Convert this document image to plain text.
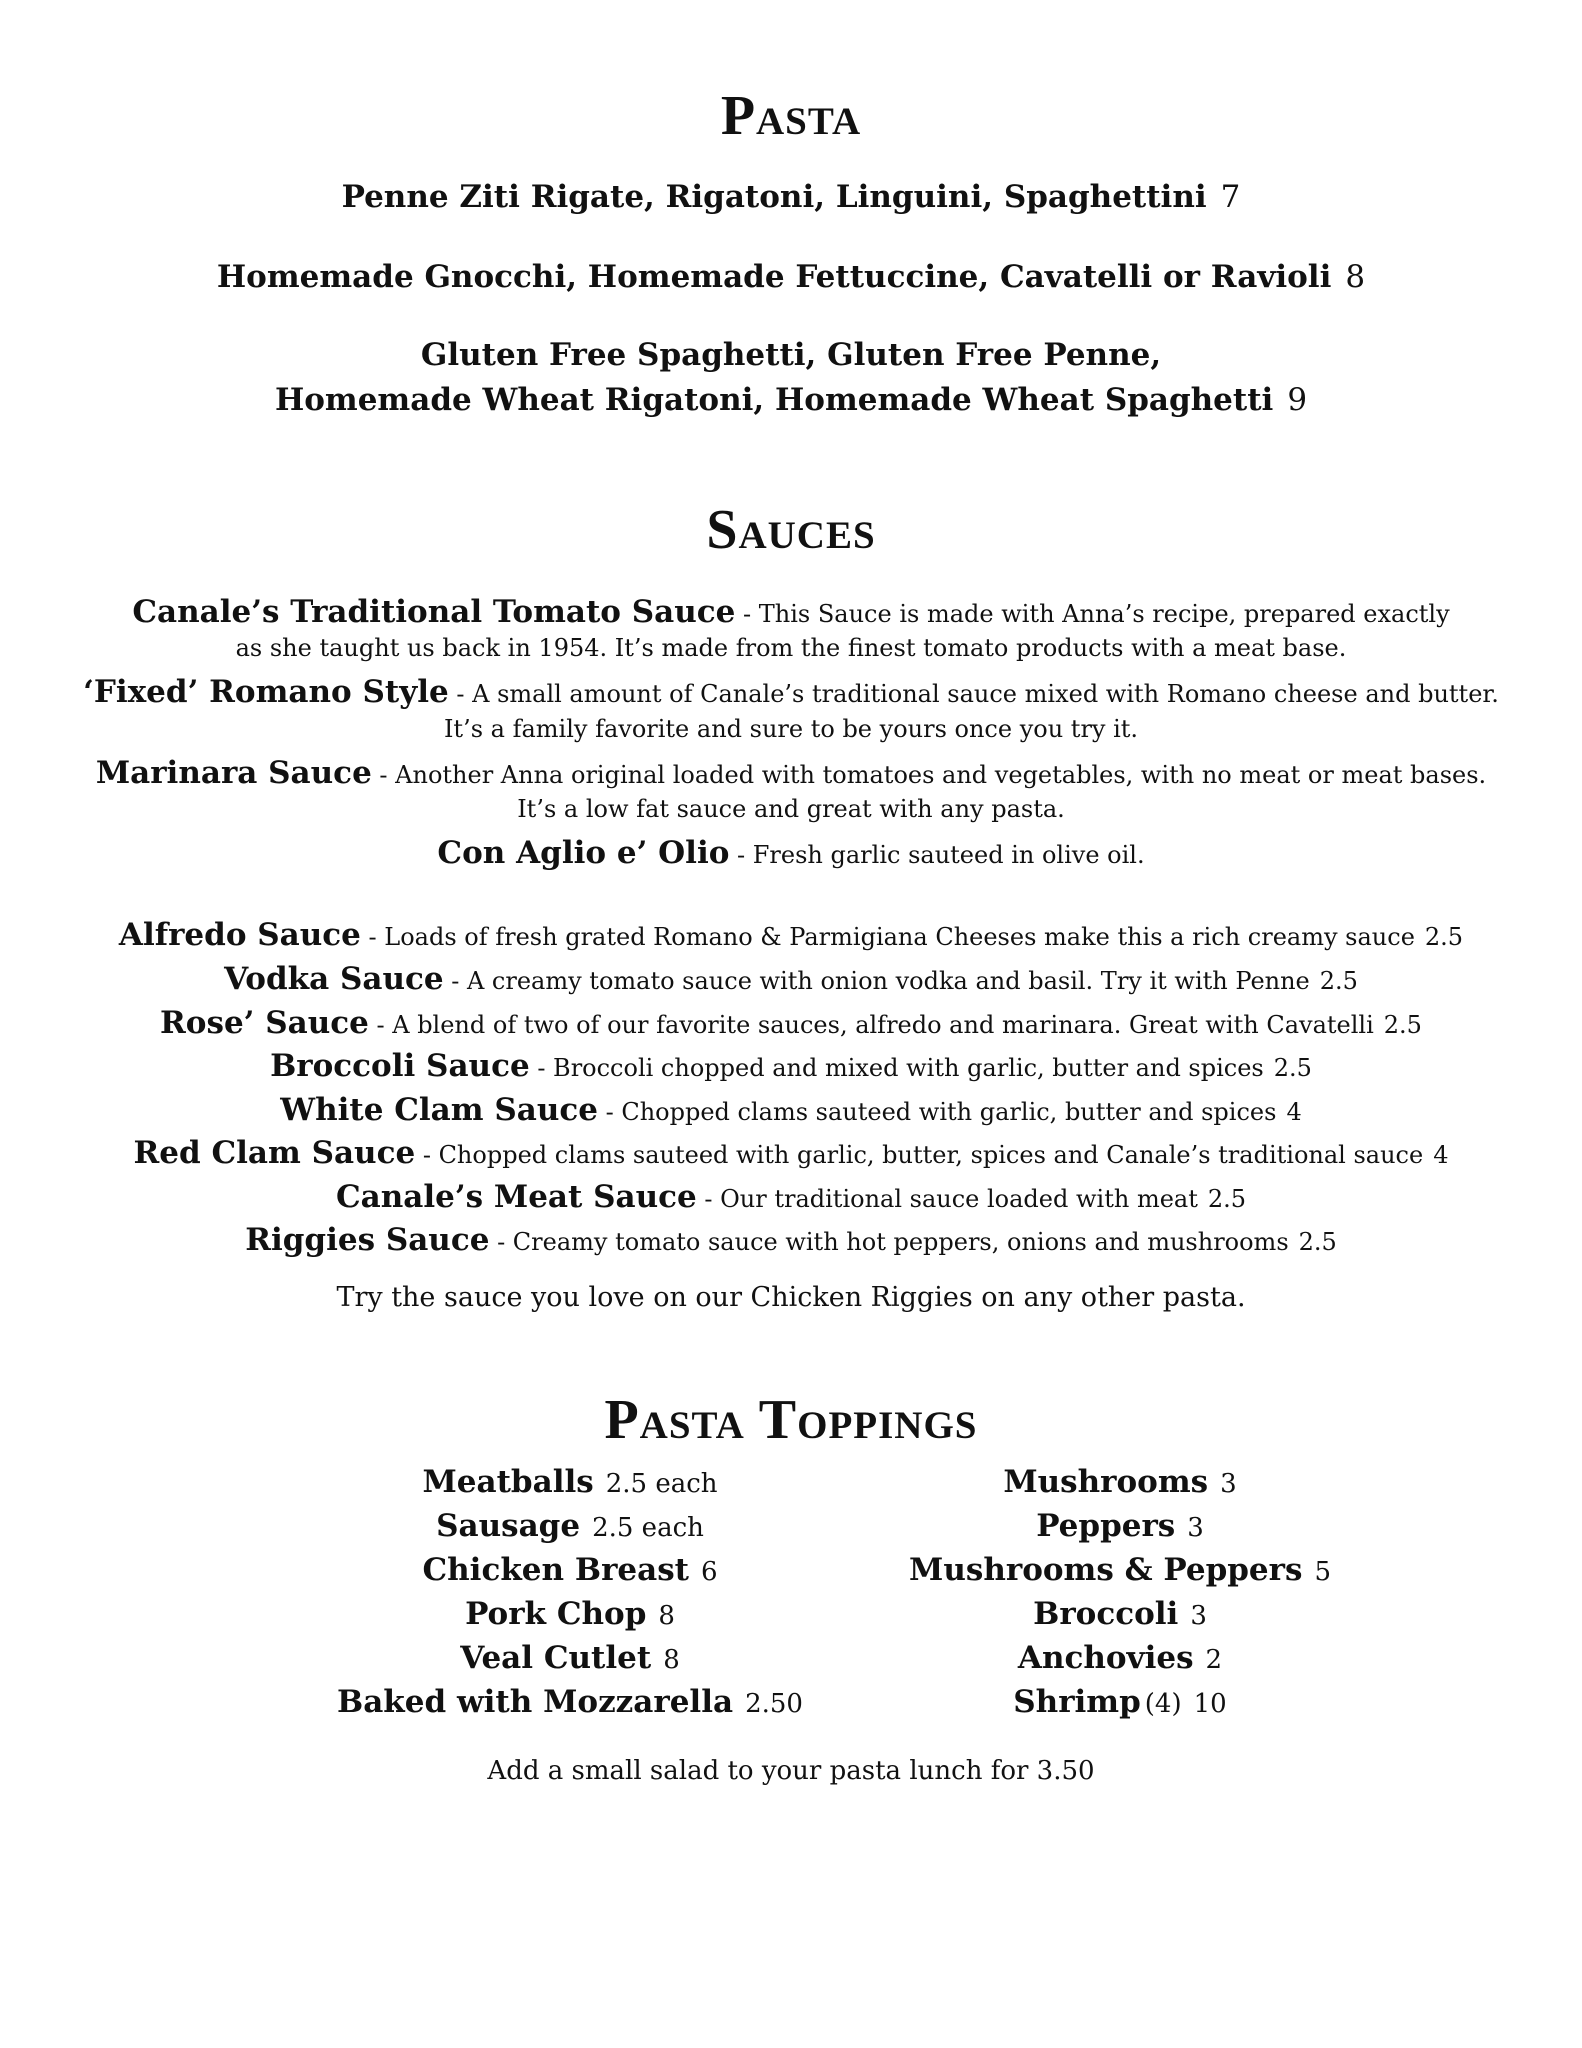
Pasta

Penne Ziti Rigate, Rigatoni, Linguini, Spaghettini 7

Homemade Gnocchi, Homemade Fettuccine, Cavatelli or Ravioli 8

Gluten Free Spaghetti, Gluten Free Penne,

Homemade Wheat Rigatoni, Homemade Wheat Spaghetti 9

Sauces

Canale’s Traditional Tomato Sauce - This Sauce is made with Anna’s recipe, prepared exactly

as she taught us back in 1954. It’s made from the finest tomato products with a meat base.

‘Fixed’ Romano Style - A small amount of Canale’s traditional sauce mixed with Romano cheese and butter.

It’s a family favorite and sure to be yours once you try it.

Marinara Sauce - Another Anna original loaded with tomatoes and vegetables, with no meat or meat bases.

It’s a low fat sauce and great with any pasta.

Con Aglio e’ Olio - Fresh garlic sauteed in olive oil.

Alfredo Sauce - Loads of fresh grated Romano & Parmigiana Cheeses make this a rich creamy sauce 2.5

Vodka Sauce - A creamy tomato sauce with onion vodka and basil. Try it with Penne 2.5

Rose’ Sauce - A blend of two of our favorite sauces, alfredo and marinara. Great with Cavatelli 2.5

Broccoli Sauce - Broccoli chopped and mixed with garlic, butter and spices 2.5

White Clam Sauce - Chopped clams sauteed with garlic, butter and spices 4

Red Clam Sauce - Chopped clams sauteed with garlic, butter, spices and Canale’s traditional sauce 4

Canale’s Meat Sauce - Our traditional sauce loaded with meat 2.5

Riggies Sauce - Creamy tomato sauce with hot peppers, onions and mushrooms 2.5

Try the sauce you love on our Chicken Riggies on any other pasta.

Pasta Toppings
Meatballs 2.5 each
Sausage 2.5 each
Chicken Breast 6
Pork Chop 8
Veal Cutlet 8
Baked with Mozzarella 2.50
Mushrooms 3
Peppers 3
Mushrooms & Peppers 5
Broccoli 3
Anchovies 2
Shrimp (4) 10

Add a small salad to your pasta lunch for 3.50
